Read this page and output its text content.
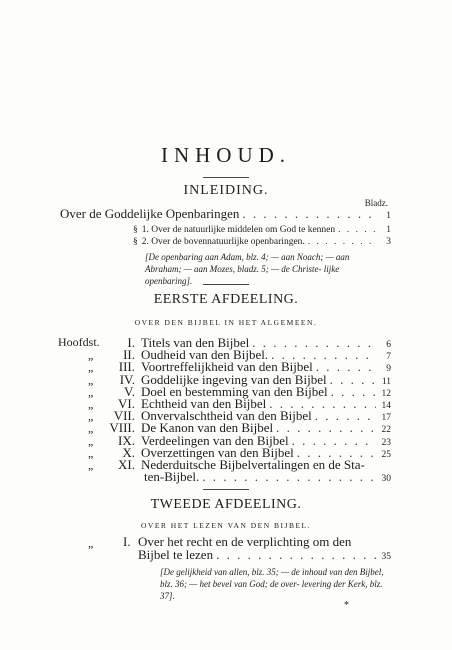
INHOUD.
INLEIDING.
Bladz.
Over de Goddelijke Openbaringen . . .	1
§ 1. Over de natuurlijke middelen om God te kennen . . .	1
§ 2. Over de bovennatuurlijke openbaringen. . . .	3
[De openbaring aan Adam, blz. 4; — aan Noach; — aan Abraham; — aan Mozes, bladz. 5; — de Christe- lijke openbaring].
EERSTE AFDEELING.
OVER DEN BIJBEL IN HET ALGEMEEN.
Hoofdst.	I. Titels van den Bijbel . . .	6
„	II. Oudheid van den Bijbel. . . .	7
„	III. Voortreffelijkheid van den Bijbel . . .	9
„	IV. Goddelijke ingeving van den Bijbel . . .	11
„	V. Doel en bestemming van den Bijbel . . .	12
„	VI. Echtheid van den Bijbel . . .	14
„	VII. Onvervalschtheid van den Bijbel . . .	17
„	VIII. De Kanon van den Bijbel . . .	22
„	IX. Verdeelingen van den Bijbel . . .	23
„	X. Overzettingen van den Bijbel . . .	25
„	XI. Nederduitsche Bijbelvertalingen en de Sta-
ten-Bijbel. . . .	30
TWEEDE AFDEELING.
OVER HET LEZEN VAN DEN BIJBEL.
„ I. Over het recht en de verplichting om den
Bijbel te lezen . . .	35
[De gelijkheid van allen, blz. 35; — de inhoud van den Bijbel, blz. 36; — het bevel van God; de over- levering der Kerk, blz. 37].
*
